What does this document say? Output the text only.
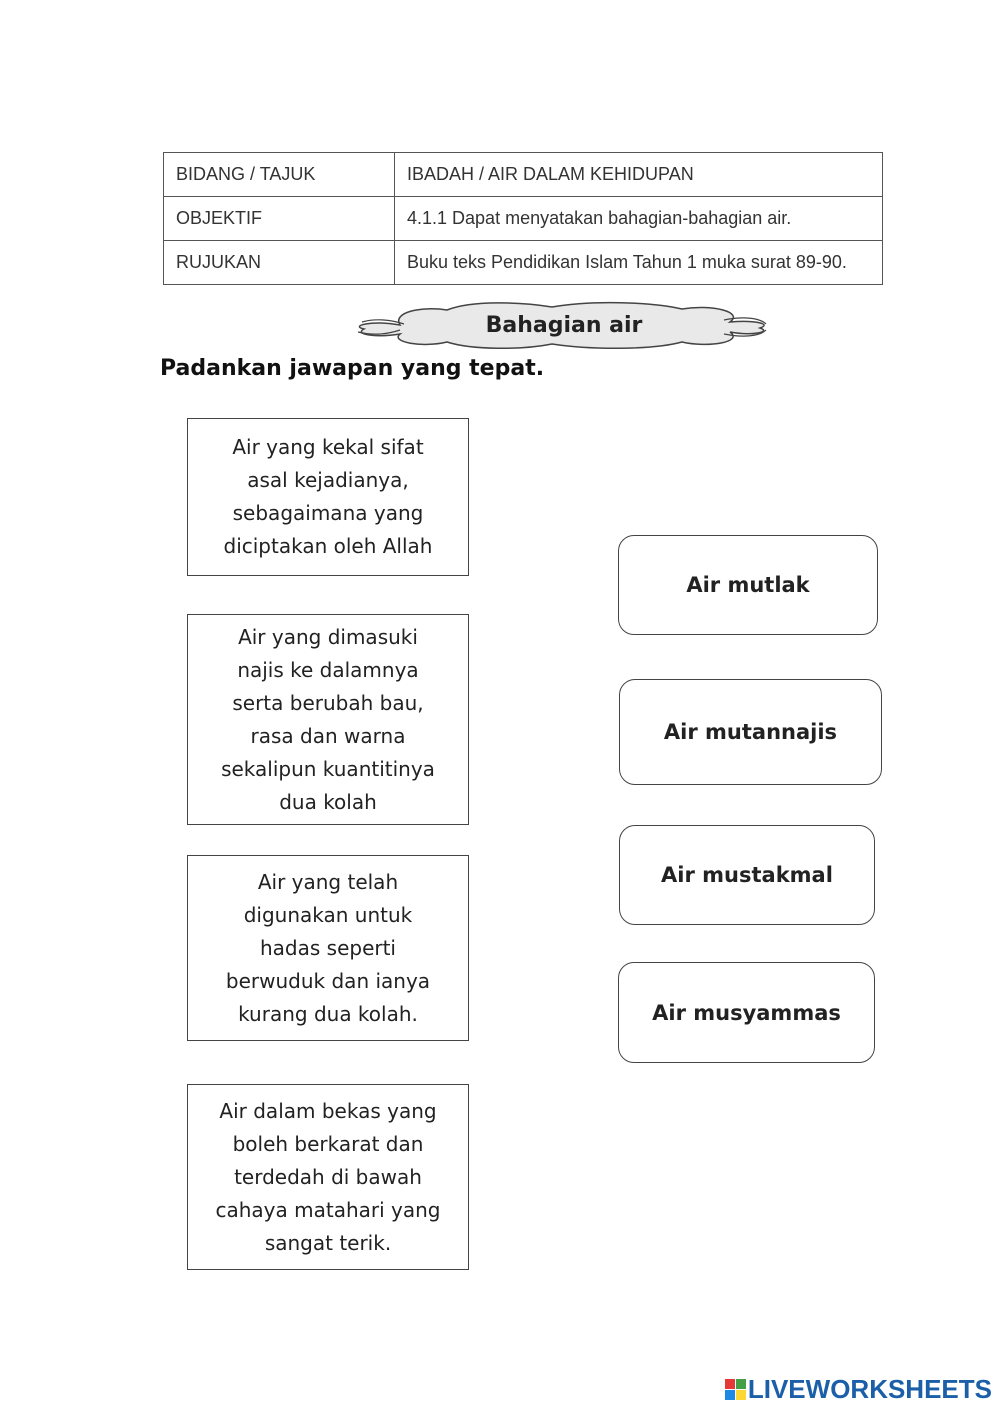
BIDANG / TAJUK	IBADAH / AIR DALAM KEHIDUPAN
OBJEKTIF	4.1.1 Dapat menyatakan bahagian-bahagian air.
RUJUKAN	Buku teks Pendidikan Islam Tahun 1 muka surat 89-90.
Bahagian air
Padankan jawapan yang tepat.
Air yang kekal sifat
asal kejadianya,
sebagaimana yang
diciptakan oleh Allah
Air yang dimasuki
najis ke dalamnya
serta berubah bau,
rasa dan warna
sekalipun kuantitinya
dua kolah
Air yang telah
digunakan untuk
hadas seperti
berwuduk dan ianya
kurang dua kolah.
Air dalam bekas yang
boleh berkarat dan
terdedah di bawah
cahaya matahari yang
sangat terik.
Air mutlak
Air mutannajis
Air mustakmal
Air musyammas
LIVEWORKSHEETS
